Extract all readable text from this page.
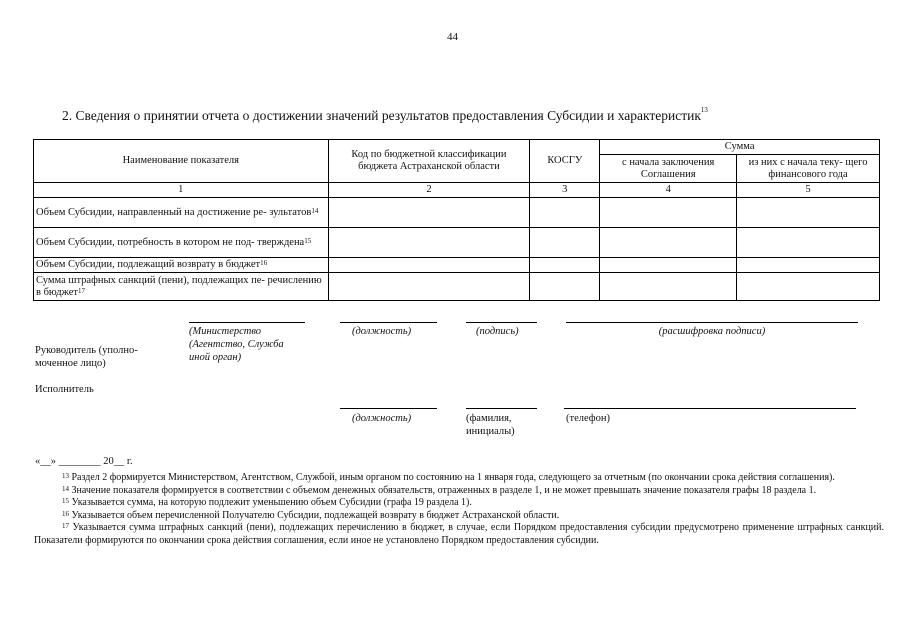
44
2. Сведения о принятии отчета о достижении значений результатов предоставления Субсидии и характеристик$^{13}$
Наименование показателя	Код по бюджетной классификации бюджета Астраханской области	КОСГУ	Сумма	
			с начала заключения Соглашения	из них с начала теку- щего финансового года
1	2	3	4	5
Объем Субсидии, направленный на достижение ре- зультатов$^{14}$				
Объем Субсидии, потребность в котором не под- тверждена$^{15}$				
Объем Субсидии, подлежащий возврату в бюджет$^{16}$				
Сумма штрафных санкций (пени), подлежащих пе- речислению в бюджет$^{17}$				
(Министерство
(Агентство, Служба
иной орган)
(должность)	(подпись)	(расшифровка подписи)
Руководитель (уполно-
моченное лицо)
Исполнитель
(должность)	(фамилия,
инициалы)
(телефон)
«__» ________ 20__ г.

$^{13}$ Раздел 2 формируется Министерством, Агентством, Службой, иным органом по состоянию на 1 января года, следующего за отчетным (по окончании срока действия соглашения).

$^{14}$ Значение показателя формируется в соответствии с объемом денежных обязательств, отраженных в разделе 1, и не может превышать значение показателя графы 18 раздела 1.

$^{15}$ Указывается сумма, на которую подлежит уменьшению объем Субсидии (графа 19 раздела 1).

$^{16}$ Указывается объем перечисленной Получателю Субсидии, подлежащей возврату в бюджет Астраханской области.

$^{17}$ Указывается сумма штрафных санкций (пени), подлежащих перечислению в бюджет, в случае, если Порядком предоставления субсидии предусмотрено применение штрафных санкций. Показатели формируются по окончании срока действия соглашения, если иное не установлено Порядком предоставления субсидии.
